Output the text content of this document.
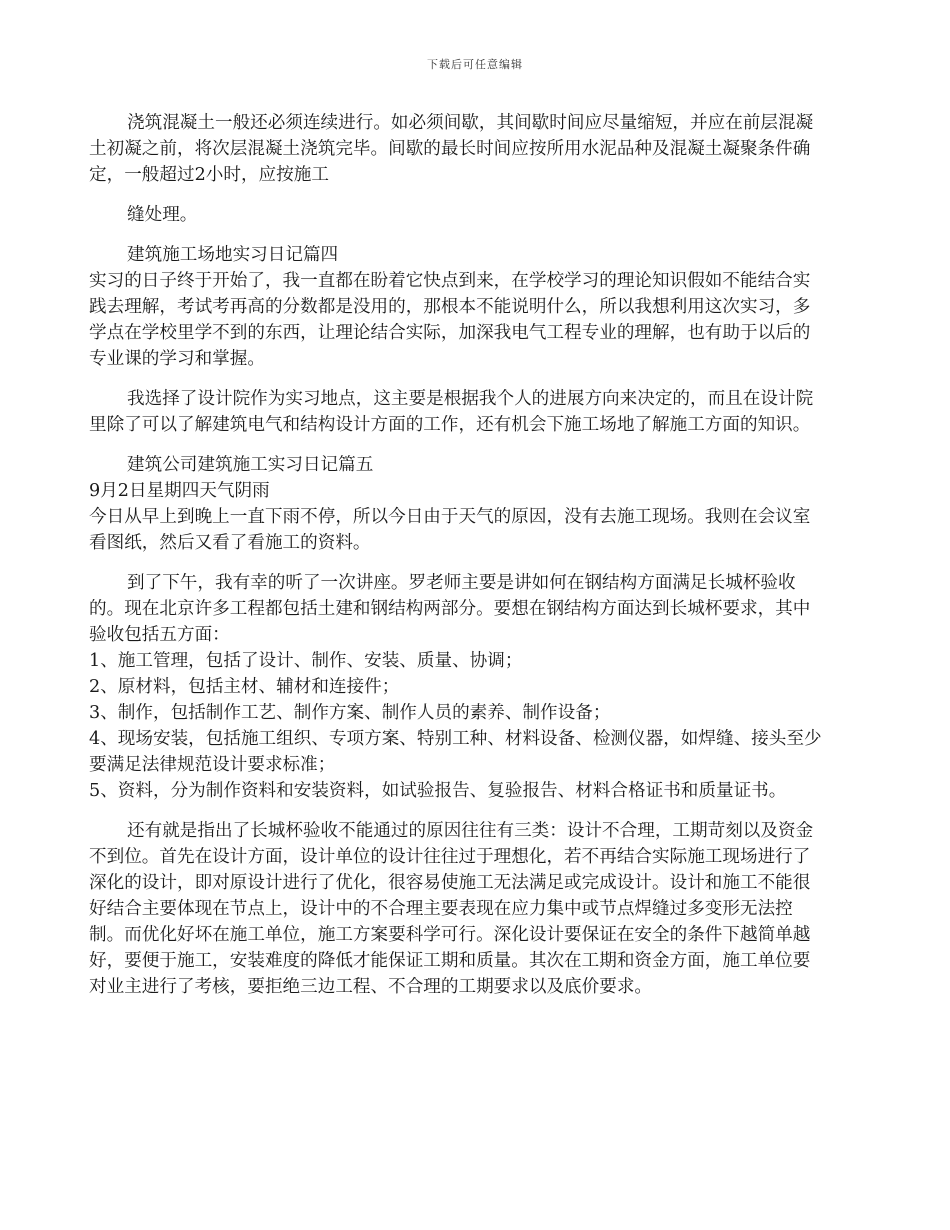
下载后可任意编辑
浇筑混凝土一般还必须连续进行。如必须间歇，其间歇时间应尽量缩短，并应在前层混凝
土初凝之前，将次层混凝土浇筑完毕。间歇的最长时间应按所用水泥品种及混凝土凝聚条件确
定，一般超过2小时，应按施工
缝处理。
建筑施工场地实习日记篇四
实习的日子终于开始了，我一直都在盼着它快点到来，在学校学习的理论知识假如不能结合实
践去理解，考试考再高的分数都是没用的，那根本不能说明什么，所以我想利用这次实习，多
学点在学校里学不到的东西，让理论结合实际，加深我电气工程专业的理解，也有助于以后的
专业课的学习和掌握。
我选择了设计院作为实习地点，这主要是根据我个人的进展方向来决定的，而且在设计院
里除了可以了解建筑电气和结构设计方面的工作，还有机会下施工场地了解施工方面的知识。
建筑公司建筑施工实习日记篇五
9月2日星期四天气阴雨
今日从早上到晚上一直下雨不停，所以今日由于天气的原因，没有去施工现场。我则在会议室
看图纸，然后又看了看施工的资料。
到了下午，我有幸的听了一次讲座。罗老师主要是讲如何在钢结构方面满足长城杯验收
的。现在北京许多工程都包括土建和钢结构两部分。要想在钢结构方面达到长城杯要求，其中
验收包括五方面：
1、施工管理，包括了设计、制作、安装、质量、协调；
2、原材料，包括主材、辅材和连接件；
3、制作，包括制作工艺、制作方案、制作人员的素养、制作设备；
4、现场安装，包括施工组织、专项方案、特别工种、材料设备、检测仪器，如焊缝、接头至少
要满足法律规范设计要求标准；
5、资料，分为制作资料和安装资料，如试验报告、复验报告、材料合格证书和质量证书。
还有就是指出了长城杯验收不能通过的原因往往有三类：设计不合理，工期苛刻以及资金
不到位。首先在设计方面，设计单位的设计往往过于理想化，若不再结合实际施工现场进行了
深化的设计，即对原设计进行了优化，很容易使施工无法满足或完成设计。设计和施工不能很
好结合主要体现在节点上，设计中的不合理主要表现在应力集中或节点焊缝过多变形无法控
制。而优化好坏在施工单位，施工方案要科学可行。深化设计要保证在安全的条件下越简单越
好，要便于施工，安装难度的降低才能保证工期和质量。其次在工期和资金方面，施工单位要
对业主进行了考核，要拒绝三边工程、不合理的工期要求以及底价要求。
